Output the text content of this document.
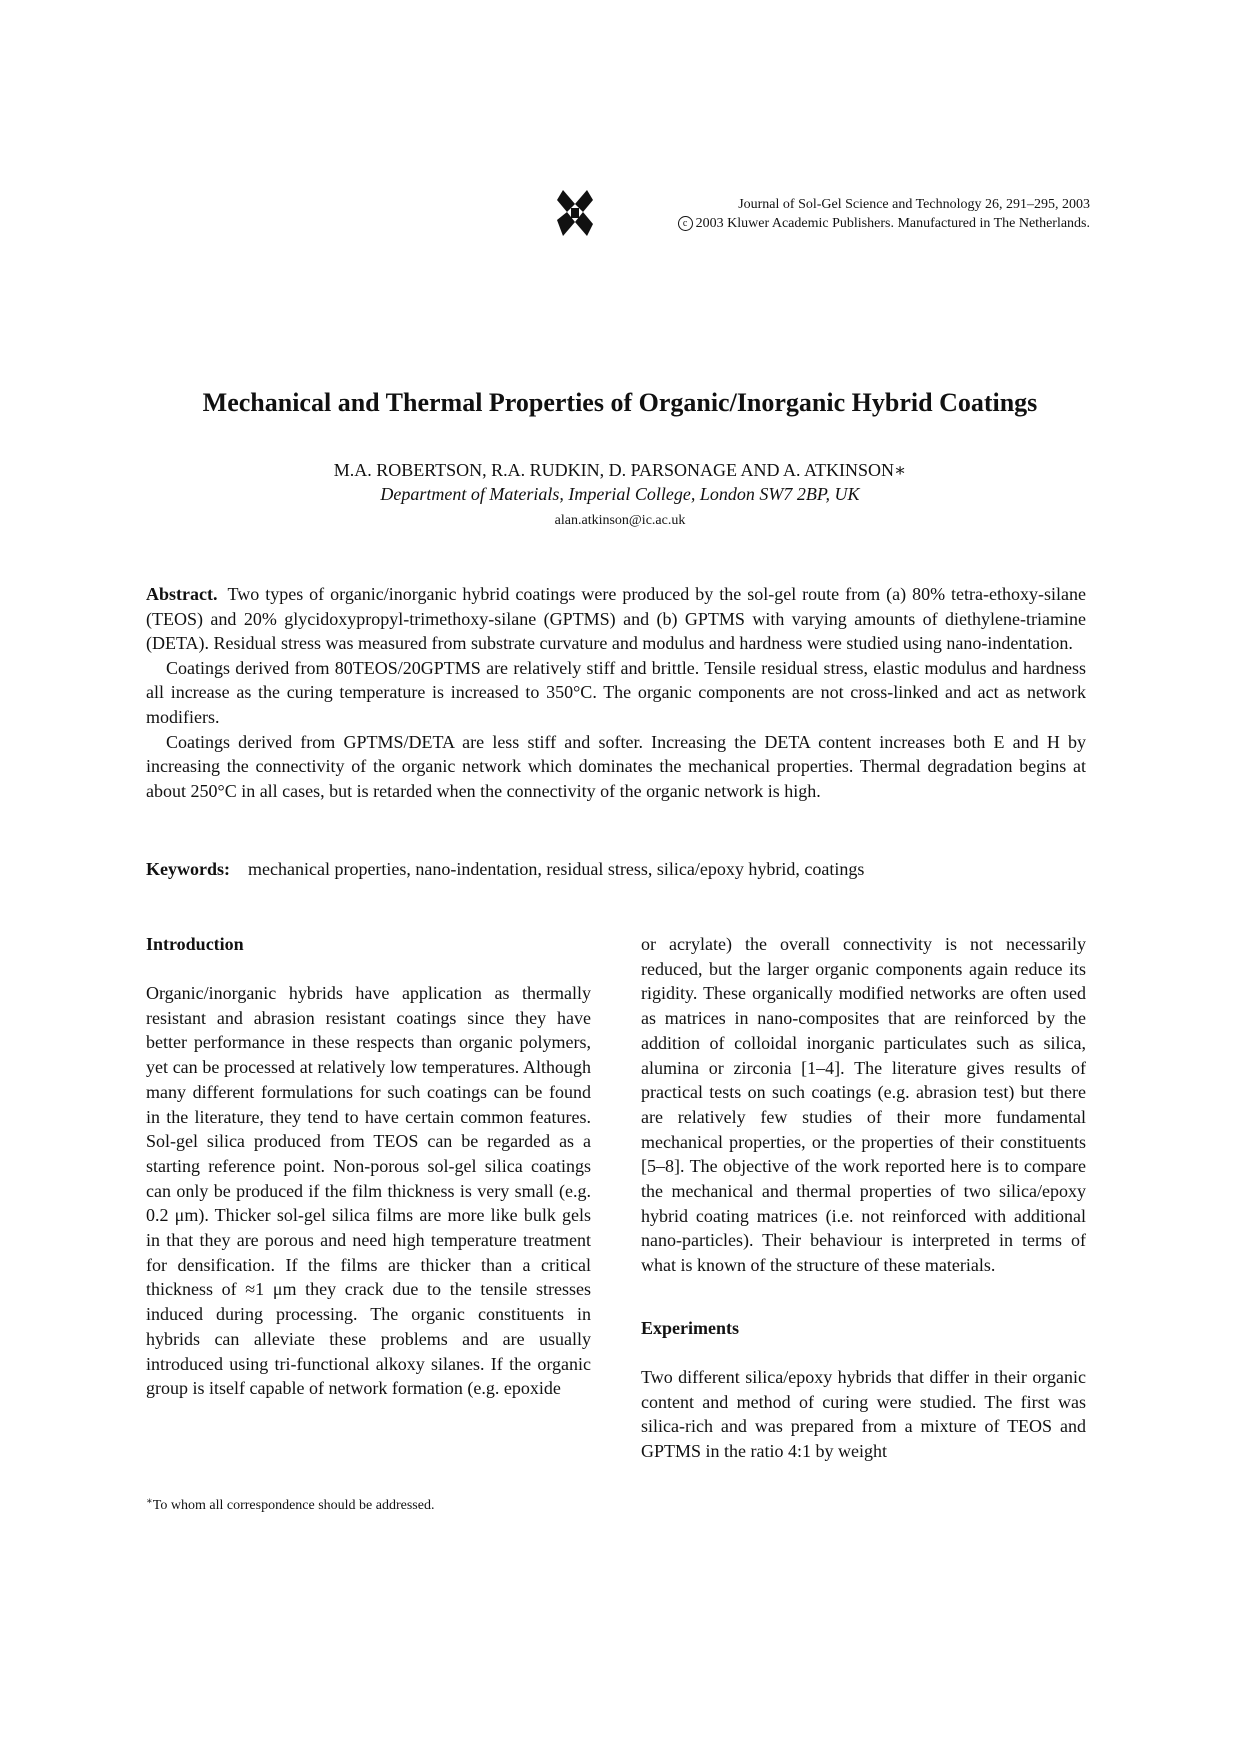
Journal of Sol-Gel Science and Technology 26, 291–295, 2003
c 2003 Kluwer Academic Publishers. Manufactured in The Netherlands.
Mechanical and Thermal Properties of Organic/Inorganic Hybrid Coatings
M.A. ROBERTSON, R.A. RUDKIN, D. PARSONAGE AND A. ATKINSON∗
Department of Materials, Imperial College, London SW7 2BP, UK
alan.atkinson@ic.ac.uk

Abstract. Two types of organic/inorganic hybrid coatings were produced by the sol-gel route from (a) 80% tetra-ethoxy-silane (TEOS) and 20% glycidoxypropyl-trimethoxy-silane (GPTMS) and (b) GPTMS with varying amounts of diethylene-triamine (DETA). Residual stress was measured from substrate curvature and modulus and hardness were studied using nano-indentation.

Coatings derived from 80TEOS/20GPTMS are relatively stiff and brittle. Tensile residual stress, elastic modulus and hardness all increase as the curing temperature is increased to 350°C. The organic components are not cross-linked and act as network modifiers.

Coatings derived from GPTMS/DETA are less stiff and softer. Increasing the DETA content increases both E and H by increasing the connectivity of the organic network which dominates the mechanical properties. Thermal degradation begins at about 250°C in all cases, but is retarded when the connectivity of the organic network is high.

Keywords: mechanical properties, nano-indentation, residual stress, silica/epoxy hybrid, coatings
Introduction

Organic/inorganic hybrids have application as thermally resistant and abrasion resistant coatings since they have better performance in these respects than organic polymers, yet can be processed at relatively low temperatures. Although many different formulations for such coatings can be found in the literature, they tend to have certain common features. Sol-gel silica produced from TEOS can be regarded as a starting reference point. Non-porous sol-gel silica coatings can only be produced if the film thickness is very small (e.g. 0.2 μm). Thicker sol-gel silica films are more like bulk gels in that they are porous and need high temperature treatment for densification. If the films are thicker than a critical thickness of ≈1 μm they crack due to the tensile stresses induced during processing. The organic constituents in hybrids can alleviate these problems and are usually introduced using tri-functional alkoxy silanes. If the organic group is itself capable of network formation (e.g. epoxide

or acrylate) the overall connectivity is not necessarily reduced, but the larger organic components again reduce its rigidity. These organically modified networks are often used as matrices in nano-composites that are reinforced by the addition of colloidal inorganic particulates such as silica, alumina or zirconia [1–4]. The literature gives results of practical tests on such coatings (e.g. abrasion test) but there are relatively few studies of their more fundamental mechanical properties, or the properties of their constituents [5–8]. The objective of the work reported here is to compare the mechanical and thermal properties of two silica/epoxy hybrid coating matrices (i.e. not reinforced with additional nano-particles). Their behaviour is interpreted in terms of what is known of the structure of these materials.

Experiments

Two different silica/epoxy hybrids that differ in their organic content and method of curing were studied. The first was silica-rich and was prepared from a mixture of TEOS and GPTMS in the ratio 4:1 by weight

∗To whom all correspondence should be addressed.
